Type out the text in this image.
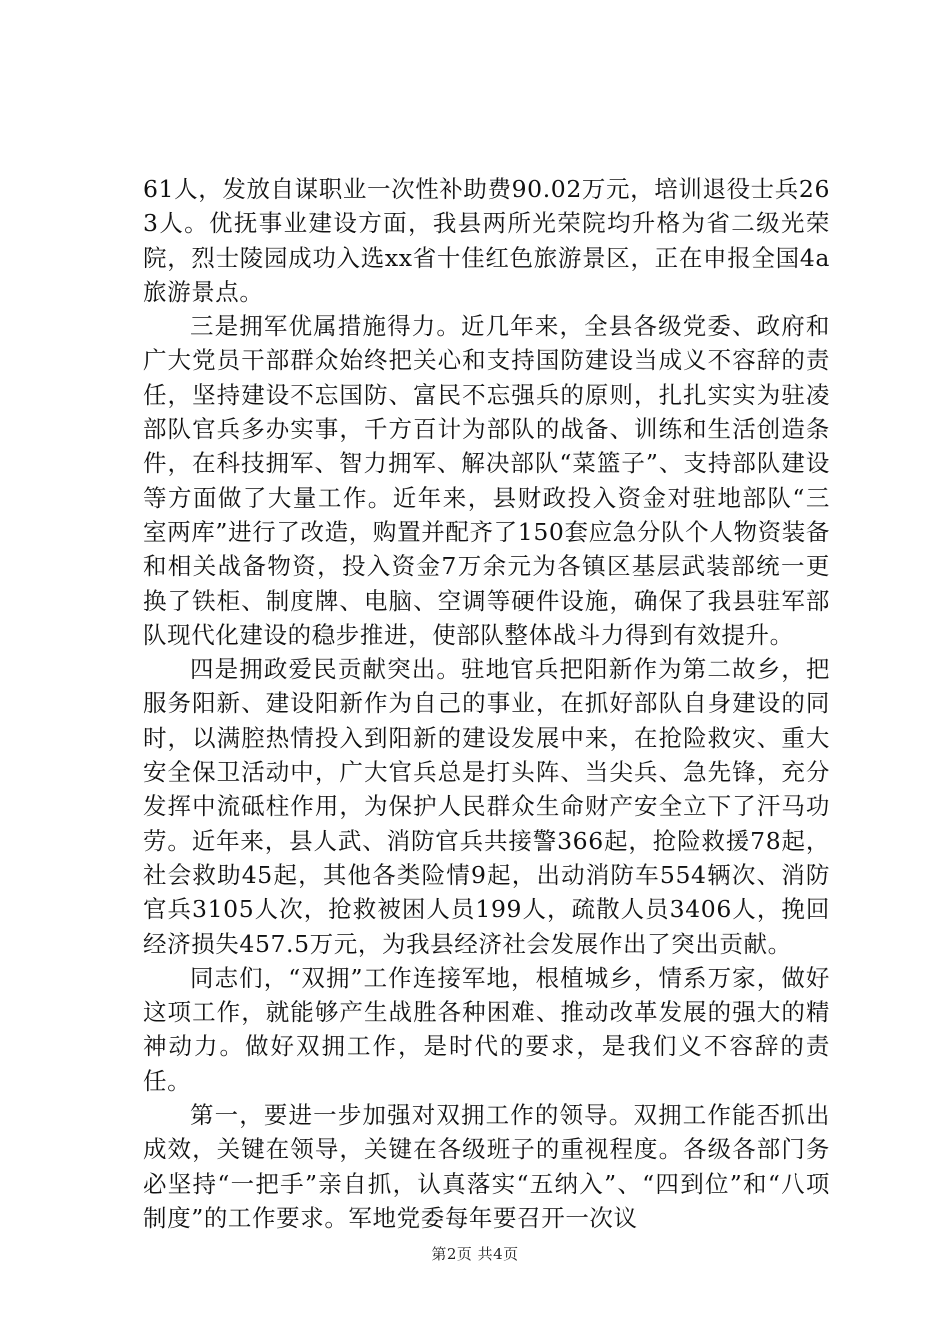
61人，发放自谋职业一次性补助费90.02万元，培训退役士兵263人。优抚事业建设方面，我县两所光荣院均升格为省二级光荣院，烈士陵园成功入选xx省十佳红色旅游景区，正在申报全国4a旅游景点。

三是拥军优属措施得力。近几年来，全县各级党委、政府和广大党员干部群众始终把关心和支持国防建设当成义不容辞的责任，坚持建设不忘国防、富民不忘强兵的原则，扎扎实实为驻凌部队官兵多办实事，千方百计为部队的战备、训练和生活创造条件，在科技拥军、智力拥军、解决部队“菜篮子”、支持部队建设等方面做了大量工作。近年来，县财政投入资金对驻地部队“三室两库”进行了改造，购置并配齐了150套应急分队个人物资装备和相关战备物资，投入资金7万余元为各镇区基层武装部统一更换了铁柜、制度牌、电脑、空调等硬件设施，确保了我县驻军部队现代化建设的稳步推进，使部队整体战斗力得到有效提升。

四是拥政爱民贡献突出。驻地官兵把阳新作为第二故乡，把服务阳新、建设阳新作为自己的事业，在抓好部队自身建设的同时，以满腔热情投入到阳新的建设发展中来，在抢险救灾、重大安全保卫活动中，广大官兵总是打头阵、当尖兵、急先锋，充分发挥中流砥柱作用，为保护人民群众生命财产安全立下了汗马功劳。近年来，县人武、消防官兵共接警366起，抢险救援78起，社会救助45起，其他各类险情9起，出动消防车554辆次、消防官兵3105人次，抢救被困人员199人，疏散人员3406人，挽回经济损失457.5万元，为我县经济社会发展作出了突出贡献。

同志们，“双拥”工作连接军地，根植城乡，情系万家，做好这项工作，就能够产生战胜各种困难、推动改革发展的强大的精神动力。做好双拥工作，是时代的要求，是我们义不容辞的责任。

第一，要进一步加强对双拥工作的领导。双拥工作能否抓出成效，关键在领导，关键在各级班子的重视程度。各级各部门务必坚持“一把手”亲自抓，认真落实“五纳入”、“四到位”和“八项制度”的工作要求。军地党委每年要召开一次议

第2页 共4页
